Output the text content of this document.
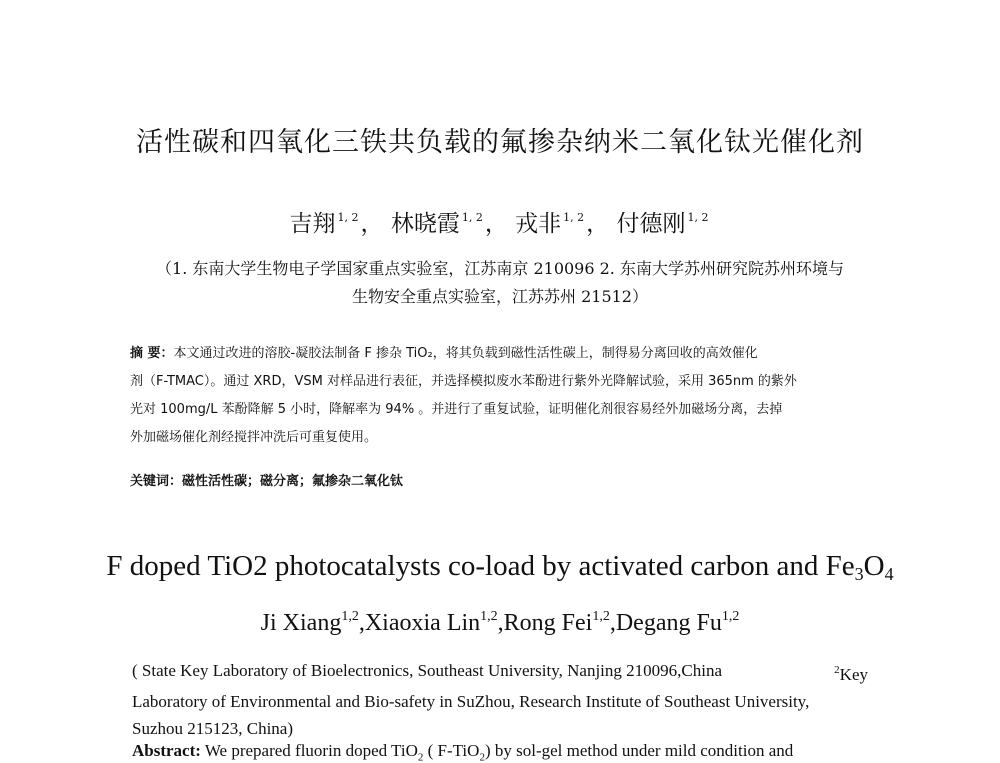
活性碳和四氧化三铁共负载的氟掺杂纳米二氧化钛光催化剂
吉翔 $^{1, 2}$， 林晓霞 $^{1, 2}$， 戎非 $^{1, 2}$， 付德刚 $^{1, 2}$
（1. 东南大学生物电子学国家重点实验室，江苏南京 210096 2. 东南大学苏州研究院苏州环境与
生物安全重点实验室，江苏苏州 21512）
摘 要：本文通过改进的溶胶-凝胶法制备 F 掺杂 TiO₂，将其负载到磁性活性碳上，制得易分离回收的高效催化
剂（F-TMAC）。通过 XRD，VSM 对样品进行表征，并选择模拟废水苯酚进行紫外光降解试验，采用 365nm 的紫外
光对 100mg/L 苯酚降解 5 小时，降解率为 94% 。并进行了重复试验，证明催化剂很容易经外加磁场分离，去掉
外加磁场催化剂经搅拌冲洗后可重复使用。
关键词：磁性活性碳；磁分离；氟掺杂二氧化钛
F doped TiO2 photocatalysts co-load by activated carbon and $Fe_3O_4$
Ji Xiang$^{1,2}$,Xiaoxia Lin$^{1,2}$,Rong Fei$^{1,2}$,Degang Fu$^{1,2}$
( State Key Laboratory of Bioelectronics, Southeast University, Nanjing 210096,China	$^2$Key
Laboratory of Environmental and Bio-safety in SuZhou, Research Institute of Southeast University,
Suzhou 215123, China)
Abstract: We prepared fluorin doped TiO$_2$ ( F-TiO$_2$) by sol-gel method under mild condition and
